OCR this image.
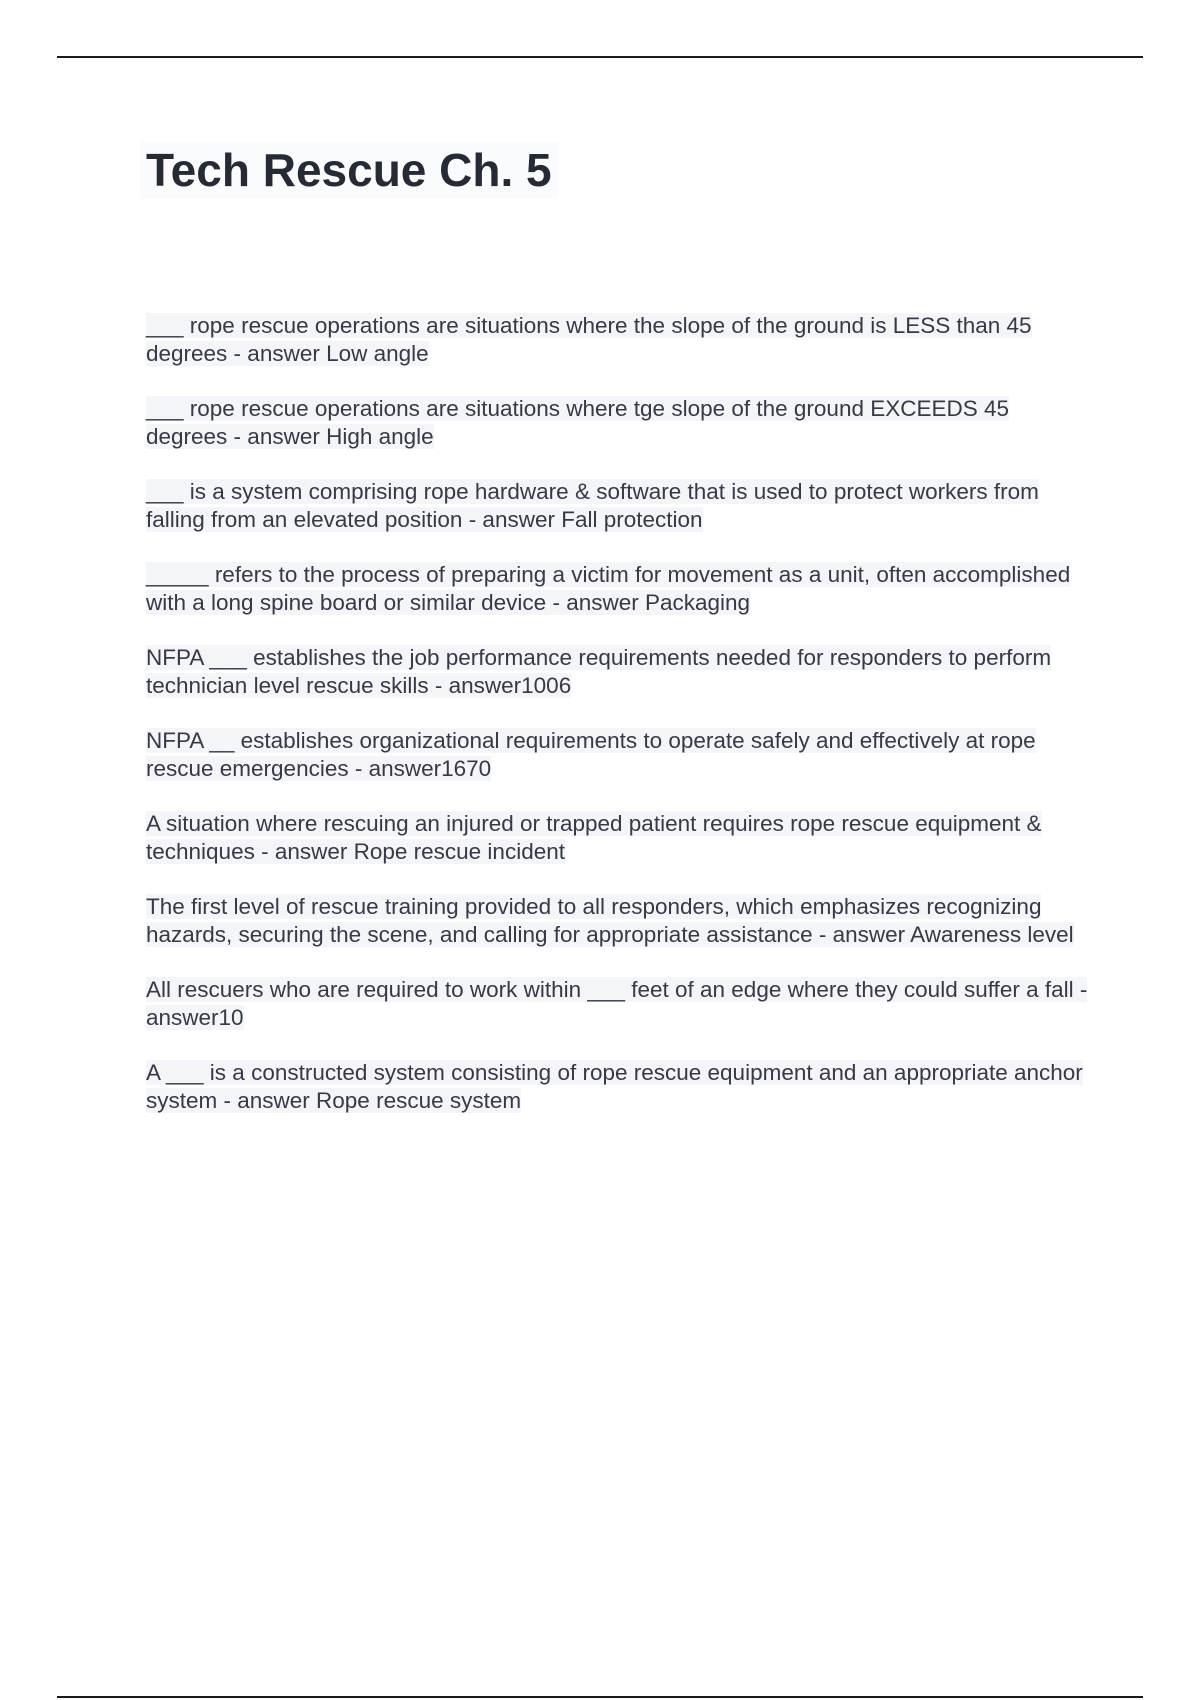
Tech Rescue Ch. 5
___ rope rescue operations are situations where the slope of the ground is LESS than 45 degrees - answer Low angle
___ rope rescue operations are situations where tge slope of the ground EXCEEDS 45 degrees - answer High angle
___ is a system comprising rope hardware & software that is used to protect workers from falling from an elevated position - answer Fall protection
_____ refers to the process of preparing a victim for movement as a unit, often accomplished with a long spine board or similar device - answer Packaging
NFPA ___ establishes the job performance requirements needed for responders to perform technician level rescue skills - answer1006
NFPA __ establishes organizational requirements to operate safely and effectively at rope rescue emergencies - answer1670
A situation where rescuing an injured or trapped patient requires rope rescue equipment & techniques - answer Rope rescue incident
The first level of rescue training provided to all responders, which emphasizes recognizing hazards, securing the scene, and calling for appropriate assistance - answer Awareness level
All rescuers who are required to work within ___ feet of an edge where they could suffer a fall - answer10
A ___ is a constructed system consisting of rope rescue equipment and an appropriate anchor system - answer Rope rescue system
